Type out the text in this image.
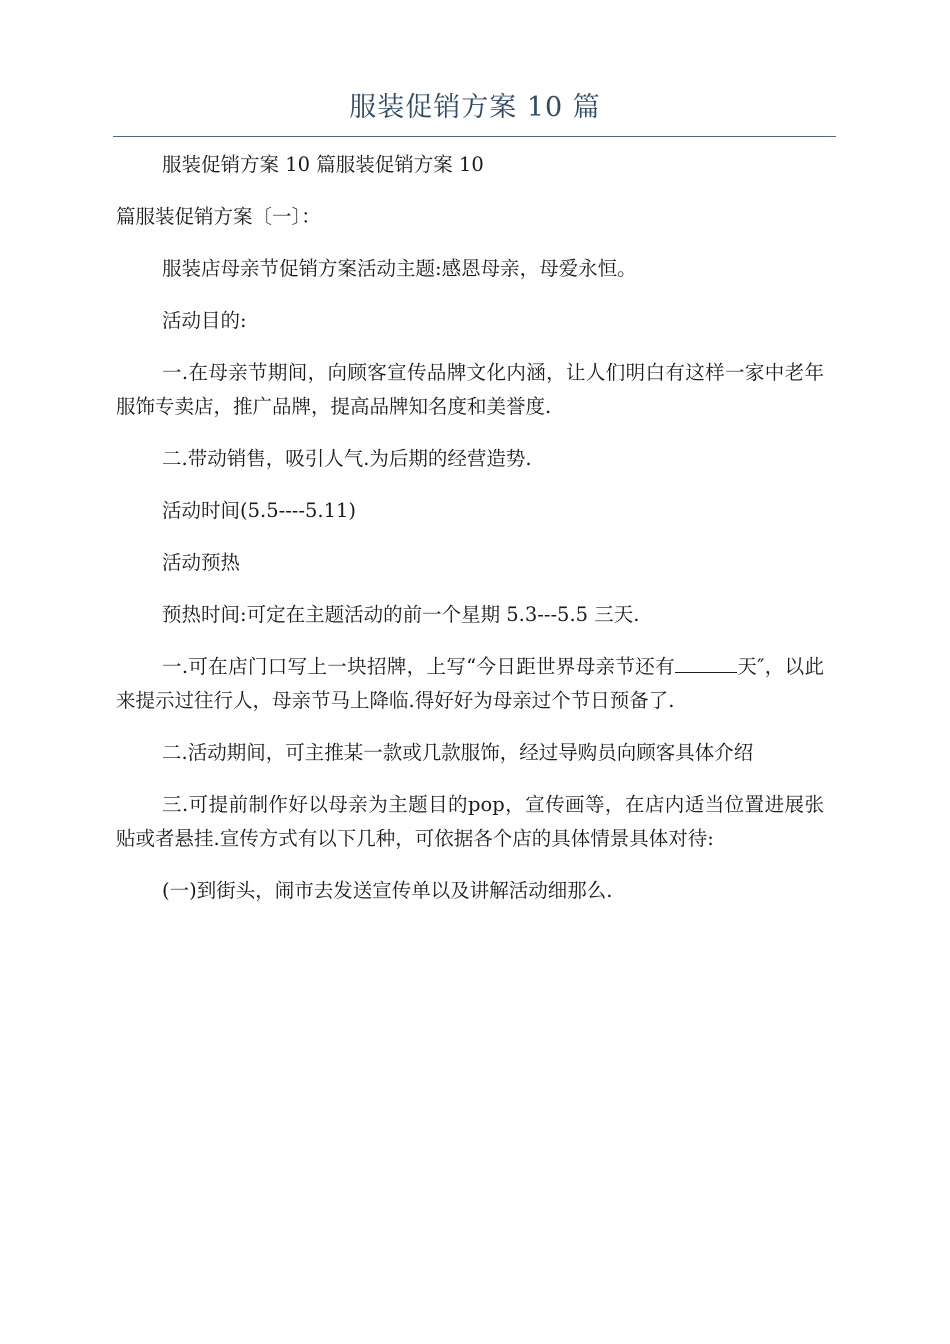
服装促销方案 10 篇

服装促销方案 10 篇服装促销方案 10

篇服装促销方案〔一〕：

服装店母亲节促销方案活动主题:感恩母亲，母爱永恒。

活动目的:

一.在母亲节期间，向顾客宣传品牌文化内涵，让人们明白有这样一家中老年服饰专卖店，推广品牌，提高品牌知名度和美誉度.

二.带动销售，吸引人气.为后期的经营造势.

活动时间(5.5----5.11)

活动预热

预热时间:可定在主题活动的前一个星期 5.3---5.5 三天.

一.可在店门口写上一块招牌，上写“今日距世界母亲节还有	天″，以此来提示过往行人，母亲节马上降临.得好好为母亲过个节日预备了.

二.活动期间，可主推某一款或几款服饰，经过导购员向顾客具体介绍

三.可提前制作好以母亲为主题目的pop，宣传画等，在店内适当位置进展张贴或者悬挂.宣传方式有以下几种，可依据各个店的具体情景具体对待:

(一)到街头，闹市去发送宣传单以及讲解活动细那么.
